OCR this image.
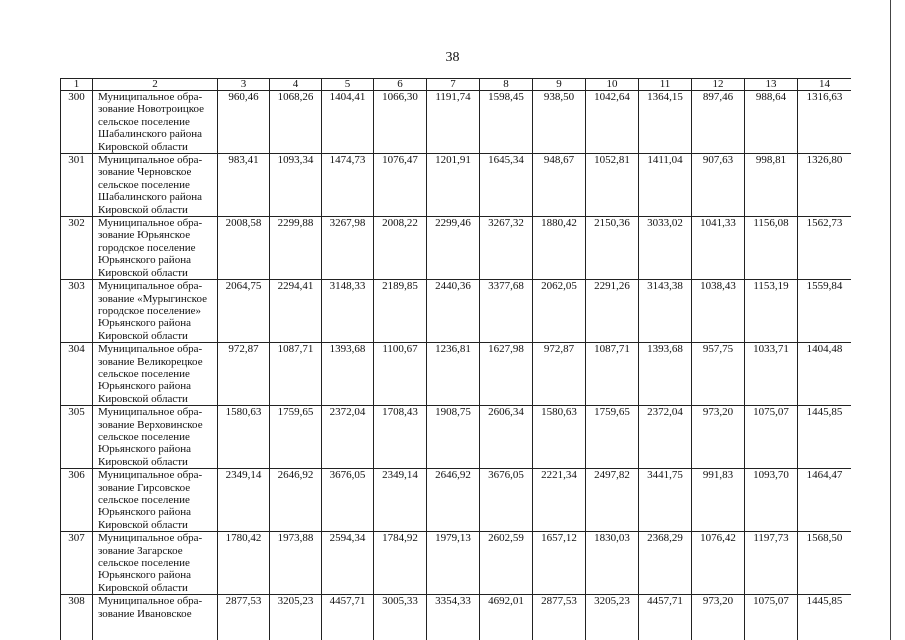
38
1	2	3	4	5	6	7	8	9	10	11	12	13	14
300	Муниципальное обра-
зование Новотроицкое
сельское поселение
Шабалинского района
Кировской области	960,46	1068,26	1404,41	1066,30	1191,74	1598,45	938,50	1042,64	1364,15	897,46	988,64	1316,63
301	Муниципальное обра-
зование Черновское
сельское поселение
Шабалинского района
Кировской области	983,41	1093,34	1474,73	1076,47	1201,91	1645,34	948,67	1052,81	1411,04	907,63	998,81	1326,80
302	Муниципальное обра-
зование Юрьянское
городское поселение
Юрьянского района
Кировской области	2008,58	2299,88	3267,98	2008,22	2299,46	3267,32	1880,42	2150,36	3033,02	1041,33	1156,08	1562,73
303	Муниципальное обра-
зование «Мурыгинское
городское поселение»
Юрьянского района
Кировской области	2064,75	2294,41	3148,33	2189,85	2440,36	3377,68	2062,05	2291,26	3143,38	1038,43	1153,19	1559,84
304	Муниципальное обра-
зование Великорецкое
сельское поселение
Юрьянского района
Кировской области	972,87	1087,71	1393,68	1100,67	1236,81	1627,98	972,87	1087,71	1393,68	957,75	1033,71	1404,48
305	Муниципальное обра-
зование Верховинское
сельское поселение
Юрьянского района
Кировской области	1580,63	1759,65	2372,04	1708,43	1908,75	2606,34	1580,63	1759,65	2372,04	973,20	1075,07	1445,85
306	Муниципальное обра-
зование Гирсовское
сельское поселение
Юрьянского района
Кировской области	2349,14	2646,92	3676,05	2349,14	2646,92	3676,05	2221,34	2497,82	3441,75	991,83	1093,70	1464,47
307	Муниципальное обра-
зование Загарское
сельское поселение
Юрьянского района
Кировской области	1780,42	1973,88	2594,34	1784,92	1979,13	2602,59	1657,12	1830,03	2368,29	1076,42	1197,73	1568,50
308	Муниципальное обра-
зование Ивановское	2877,53	3205,23	4457,71	3005,33	3354,33	4692,01	2877,53	3205,23	4457,71	973,20	1075,07	1445,85
